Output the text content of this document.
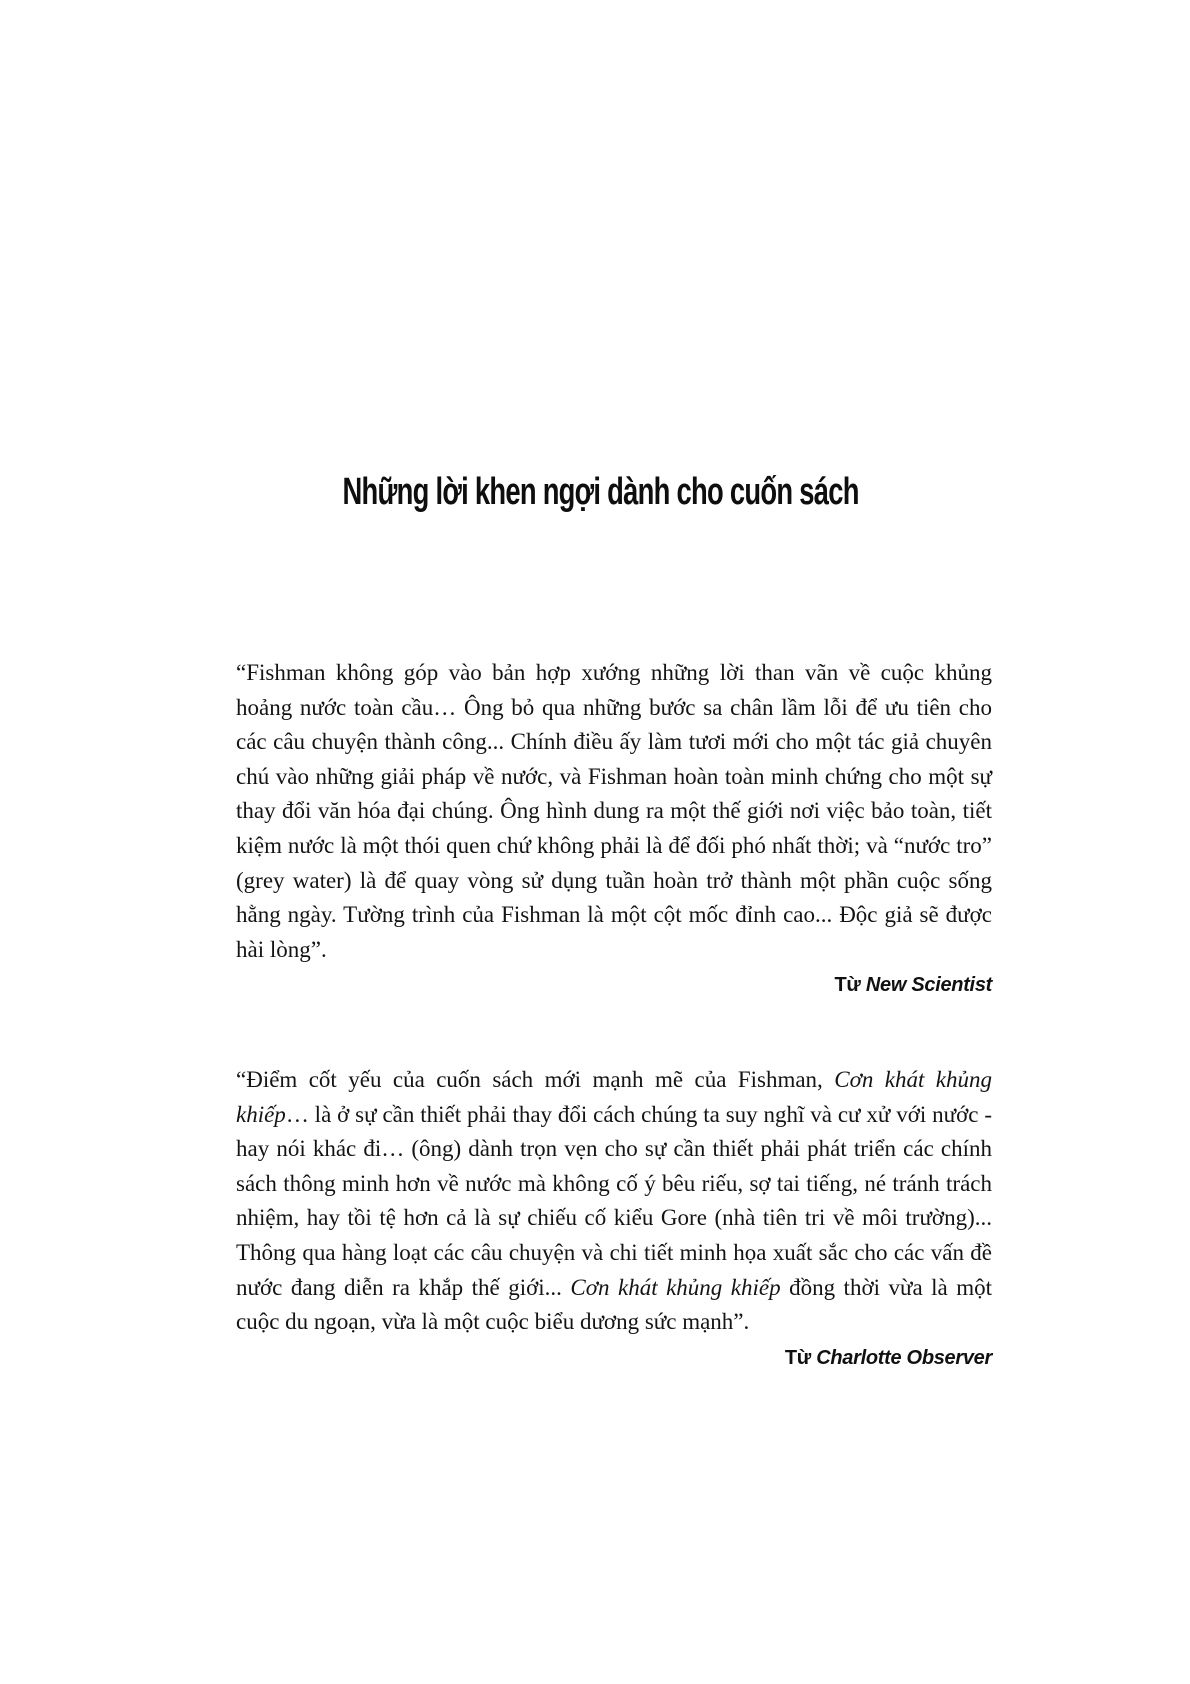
Những lời khen ngợi dành cho cuốn sách

“Fishman không góp vào bản hợp xướng những lời than vãn về cuộc khủng hoảng nước toàn cầu… Ông bỏ qua những bước sa chân lầm lỗi để ưu tiên cho các câu chuyện thành công... Chính điều ấy làm tươi mới cho một tác giả chuyên chú vào những giải pháp về nước, và Fishman hoàn toàn minh chứng cho một sự thay đổi văn hóa đại chúng. Ông hình dung ra một thế giới nơi việc bảo toàn, tiết kiệm nước là một thói quen chứ không phải là để đối phó nhất thời; và “nước tro” (grey water) là để quay vòng sử dụng tuần hoàn trở thành một phần cuộc sống hằng ngày. Tường trình của Fishman là một cột mốc đỉnh cao... Độc giả sẽ được hài lòng”.

Từ New Scientist

“Điểm cốt yếu của cuốn sách mới mạnh mẽ của Fishman, Cơn khát khủng khiếp… là ở sự cần thiết phải thay đổi cách chúng ta suy nghĩ và cư xử với nước - hay nói khác đi… (ông) dành trọn vẹn cho sự cần thiết phải phát triển các chính sách thông minh hơn về nước mà không cố ý bêu riếu, sợ tai tiếng, né tránh trách nhiệm, hay tồi tệ hơn cả là sự chiếu cố kiểu Gore (nhà tiên tri về môi trường)... Thông qua hàng loạt các câu chuyện và chi tiết minh họa xuất sắc cho các vấn đề nước đang diễn ra khắp thế giới... Cơn khát khủng khiếp đồng thời vừa là một cuộc du ngoạn, vừa là một cuộc biểu dương sức mạnh”.

Từ Charlotte Observer
